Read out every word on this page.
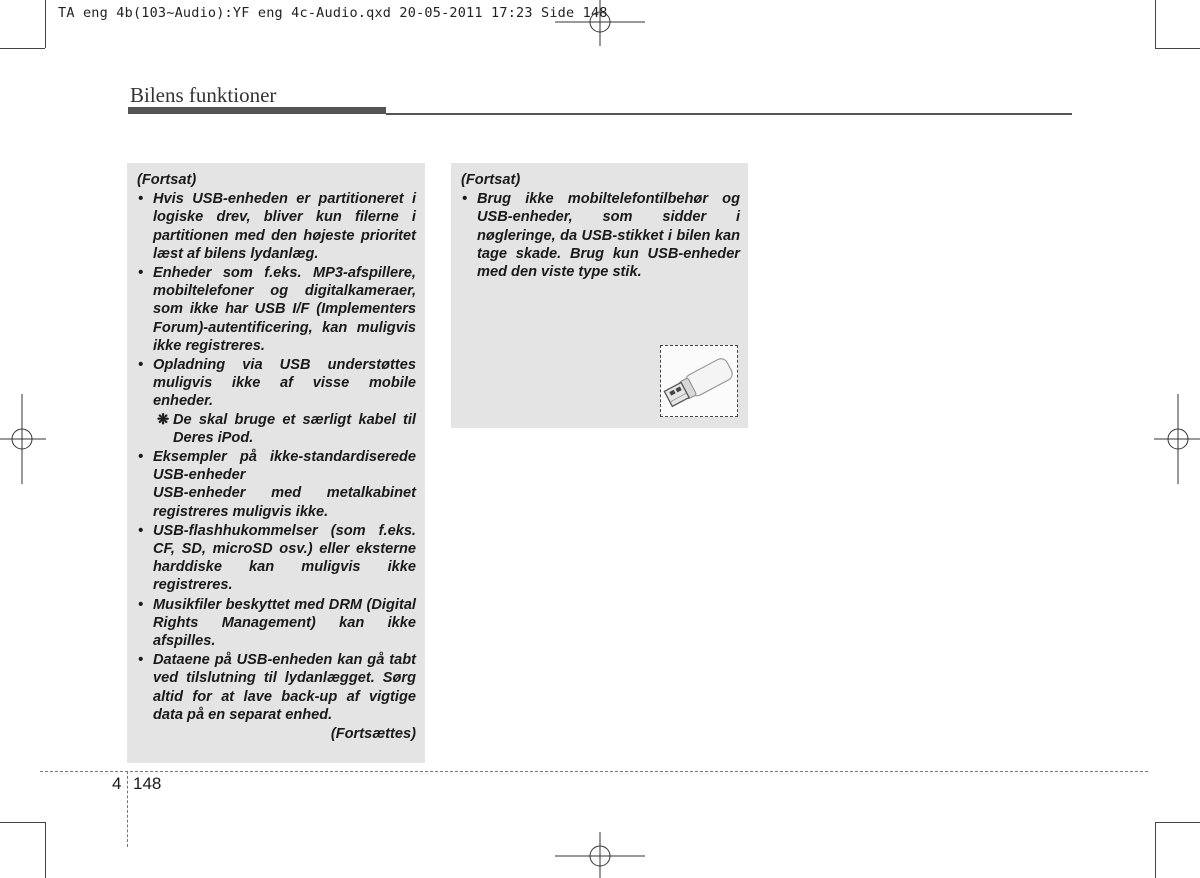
TA eng 4b(103~Audio):YF eng 4c-Audio.qxd 20-05-2011 17:23 Side 148
Bilens funktioner
(Fortsat)
• Hvis USB-enheden er partitioneret i logiske drev, bliver kun filerne i partitionen med den højeste prioritet læst af bilens lydanlæg.
• Enheder som f.eks. MP3-afspillere, mobiltelefoner og digitalkameraer, som ikke har USB I/F (Implementers Forum)-autentificering, kan muligvis ikke registreres.
• Opladning via USB understøttes muligvis ikke af visse mobile enheder.
❋ De skal bruge et særligt kabel til Deres iPod.
• Eksempler på ikke-standardiserede USB-enheder
USB-enheder med metalkabinet registreres muligvis ikke.
• USB-flashhukommelser (som f.eks. CF, SD, microSD osv.) eller eksterne harddiske kan muligvis ikke registreres.
• Musikfiler beskyttet med DRM (Digital Rights Management) kan ikke afspilles.
• Dataene på USB-enheden kan gå tabt ved tilslutning til lydanlægget. Sørg altid for at lave back-up af vigtige data på en separat enhed.
(Fortsættes)
(Fortsat)
• Brug ikke mobiltelefontilbehør og USB-enheder, som sidder i nøgleringe, da USB-stikket i bilen kan tage skade. Brug kun USB-enheder med den viste type stik.
4 148
